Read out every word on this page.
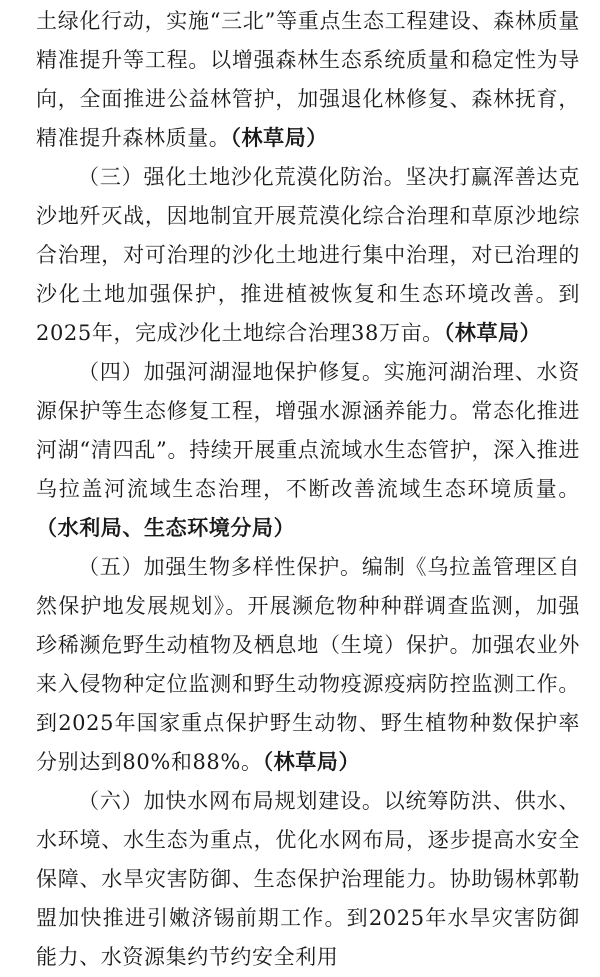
土绿化行动，实施“三北”等重点生态工程建设、森林质量精准提升等工程。以增强森林生态系统质量和稳定性为导向，全面推进公益林管护，加强退化林修复、森林抚育，精准提升森林质量。（林草局）

（三）强化土地沙化荒漠化防治。坚决打赢浑善达克沙地歼灭战，因地制宜开展荒漠化综合治理和草原沙地综合治理，对可治理的沙化土地进行集中治理，对已治理的沙化土地加强保护，推进植被恢复和生态环境改善。到2025年，完成沙化土地综合治理38万亩。（林草局）

（四）加强河湖湿地保护修复。实施河湖治理、水资源保护等生态修复工程，增强水源涵养能力。常态化推进河湖“清四乱”。持续开展重点流域水生态管护，深入推进乌拉盖河流域生态治理，不断改善流域生态环境质量。（水利局、生态环境分局）

（五）加强生物多样性保护。编制《乌拉盖管理区自然保护地发展规划》。开展濒危物种种群调查监测，加强珍稀濒危野生动植物及栖息地（生境）保护。加强农业外来入侵物种定位监测和野生动物疫源疫病防控监测工作。到2025年国家重点保护野生动物、野生植物种数保护率分别达到80%和88%。（林草局）

（六）加快水网布局规划建设。以统筹防洪、供水、水环境、水生态为重点，优化水网布局，逐步提高水安全保障、水旱灾害防御、生态保护治理能力。协助锡林郭勒盟加快推进引嫩济锡前期工作。到2025年水旱灾害防御能力、水资源集约节约安全利用
